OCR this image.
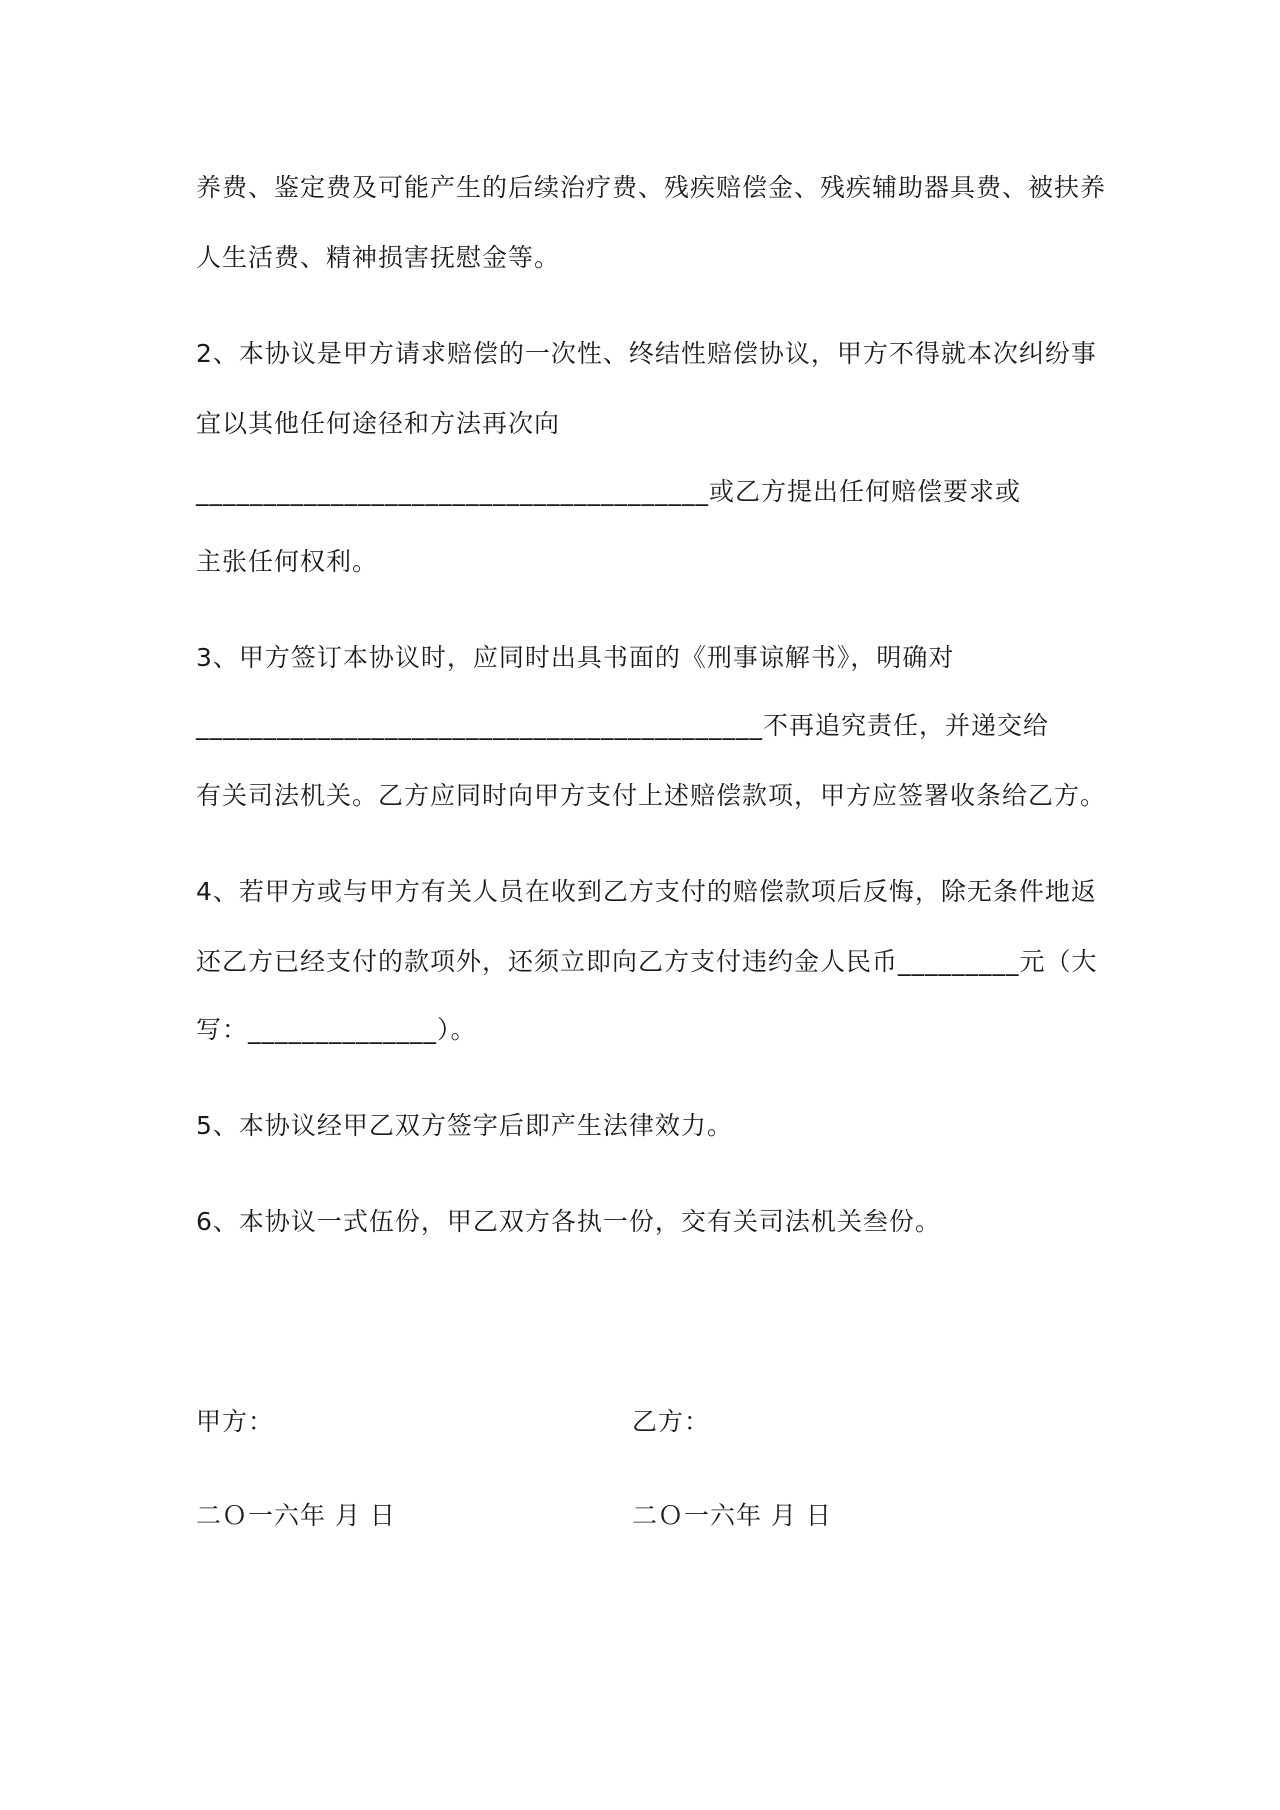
养费、鉴定费及可能产生的后续治疗费、残疾赔偿金、残疾辅助器具费、被扶养
人生活费、精神损害抚慰金等。
2、本协议是甲方请求赔偿的一次性、终结性赔偿协议，甲方不得就本次纠纷事
宜以其他任何途径和方法再次向
______________________________________或乙方提出任何赔偿要求或
主张任何权利。
3、甲方签订本协议时，应同时出具书面的《刑事谅解书》，明确对
__________________________________________不再追究责任，并递交给
有关司法机关。乙方应同时向甲方支付上述赔偿款项，甲方应签署收条给乙方。
4、若甲方或与甲方有关人员在收到乙方支付的赔偿款项后反悔，除无条件地返
还乙方已经支付的款项外，还须立即向乙方支付违约金人民币_________元（大
写：______________）。
5、本协议经甲乙双方签字后即产生法律效力。
6、本协议一式伍份，甲乙双方各执一份，交有关司法机关叁份。
甲方：	乙方：
二Ｏ一六年 月 日	二Ｏ一六年 月 日
